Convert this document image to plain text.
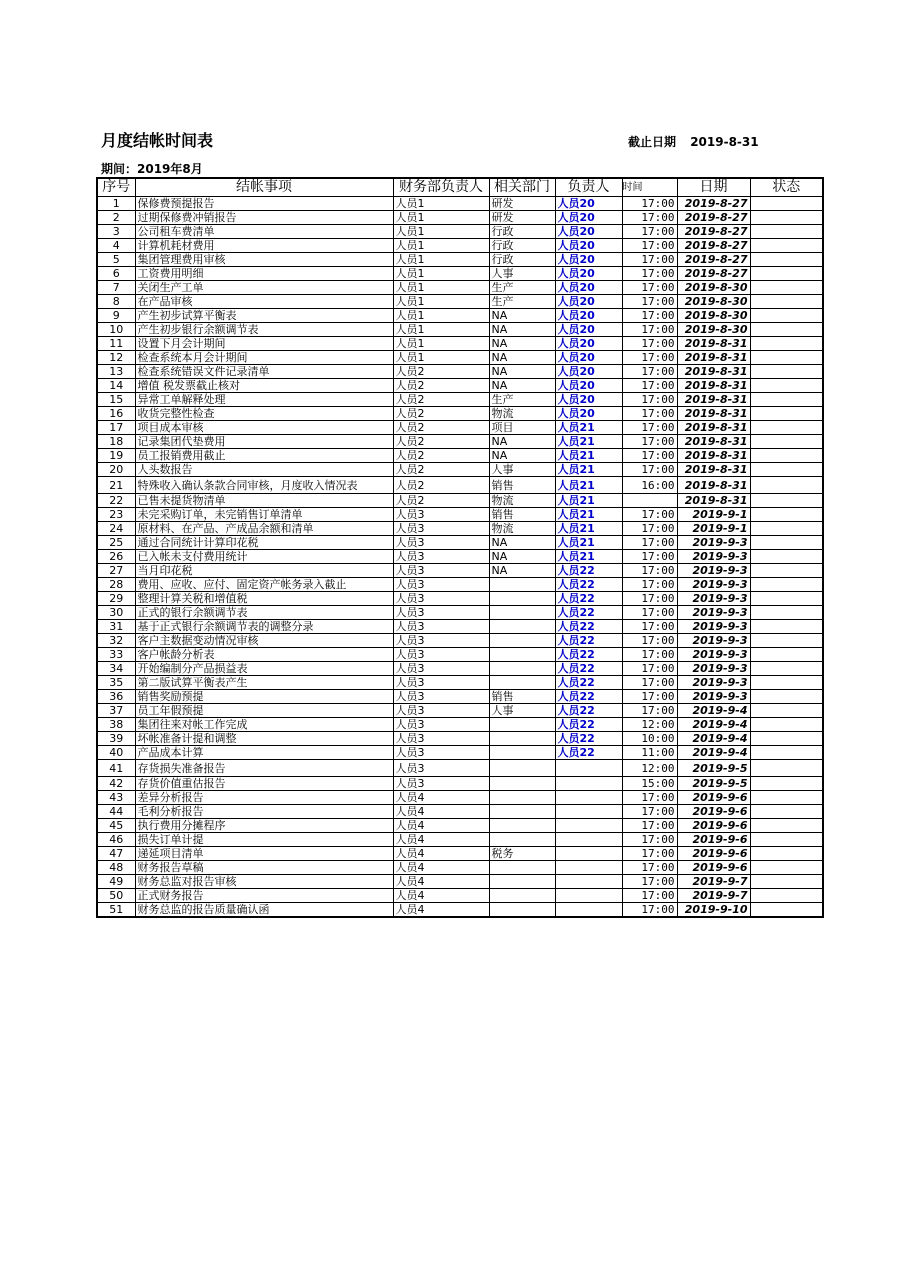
月度结帐时间表	截止日期 2019-8-31
期间：2019年8月
序号	结帐事项	财务部负责人	相关部门	负责人	时间	日期	状态
1	保修费预提报告	人员1	研发	人员20	17:00	2019-8-27	
2	过期保修费冲销报告	人员1	研发	人员20	17:00	2019-8-27	
3	公司租车费清单	人员1	行政	人员20	17:00	2019-8-27	
4	计算机耗材费用	人员1	行政	人员20	17:00	2019-8-27	
5	集团管理费用审核	人员1	行政	人员20	17:00	2019-8-27	
6	工资费用明细	人员1	人事	人员20	17:00	2019-8-27	
7	关闭生产工单	人员1	生产	人员20	17:00	2019-8-30	
8	在产品审核	人员1	生产	人员20	17:00	2019-8-30	
9	产生初步试算平衡表	人员1	NA	人员20	17:00	2019-8-30	
10	产生初步银行余额调节表	人员1	NA	人员20	17:00	2019-8-30	
11	设置下月会计期间	人员1	NA	人员20	17:00	2019-8-31	
12	检查系统本月会计期间	人员1	NA	人员20	17:00	2019-8-31	
13	检查系统错误文件记录清单	人员2	NA	人员20	17:00	2019-8-31	
14	增值 税发票截止核对	人员2	NA	人员20	17:00	2019-8-31	
15	异常工单解释处理	人员2	生产	人员20	17:00	2019-8-31	
16	收货完整性检查	人员2	物流	人员20	17:00	2019-8-31	
17	项目成本审核	人员2	项目	人员21	17:00	2019-8-31	
18	记录集团代垫费用	人员2	NA	人员21	17:00	2019-8-31	
19	员工报销费用截止	人员2	NA	人员21	17:00	2019-8-31	
20	人头数报告	人员2	人事	人员21	17:00	2019-8-31	
21	特殊收入确认条款合同审核，月度收入情况表	人员2	销售	人员21	16:00	2019-8-31	
22	已售未提货物清单	人员2	物流	人员21		2019-8-31	
23	未完采购订单，未完销售订单清单	人员3	销售	人员21	17:00	2019-9-1	
24	原材料、在产品、产成品余额和清单	人员3	物流	人员21	17:00	2019-9-1	
25	通过合同统计计算印花税	人员3	NA	人员21	17:00	2019-9-3	
26	已入帐未支付费用统计	人员3	NA	人员21	17:00	2019-9-3	
27	当月印花税	人员3	NA	人员22	17:00	2019-9-3	
28	费用、应收、应付、固定资产帐务录入截止	人员3		人员22	17:00	2019-9-3	
29	整理计算关税和增值税	人员3		人员22	17:00	2019-9-3	
30	正式的银行余额调节表	人员3		人员22	17:00	2019-9-3	
31	基于正式银行余额调节表的调整分录	人员3		人员22	17:00	2019-9-3	
32	客户主数据变动情况审核	人员3		人员22	17:00	2019-9-3	
33	客户帐龄分析表	人员3		人员22	17:00	2019-9-3	
34	开始编制分产品损益表	人员3		人员22	17:00	2019-9-3	
35	第二版试算平衡表产生	人员3		人员22	17:00	2019-9-3	
36	销售奖励预提	人员3	销售	人员22	17:00	2019-9-3	
37	员工年假预提	人员3	人事	人员22	17:00	2019-9-4	
38	集团往来对帐工作完成	人员3		人员22	12:00	2019-9-4	
39	坏帐准备计提和调整	人员3		人员22	10:00	2019-9-4	
40	产品成本计算	人员3		人员22	11:00	2019-9-4	
41	存货损失准备报告	人员3			12:00	2019-9-5	
42	存货价值重估报告	人员3			15:00	2019-9-5	
43	差异分析报告	人员4			17:00	2019-9-6	
44	毛利分析报告	人员4			17:00	2019-9-6	
45	执行费用分摊程序	人员4			17:00	2019-9-6	
46	损失订单计提	人员4			17:00	2019-9-6	
47	递延项目清单	人员4	税务		17:00	2019-9-6	
48	财务报告草稿	人员4			17:00	2019-9-6	
49	财务总监对报告审核	人员4			17:00	2019-9-7	
50	正式财务报告	人员4			17:00	2019-9-7	
51	财务总监的报告质量确认函	人员4			17:00	2019-9-10	
